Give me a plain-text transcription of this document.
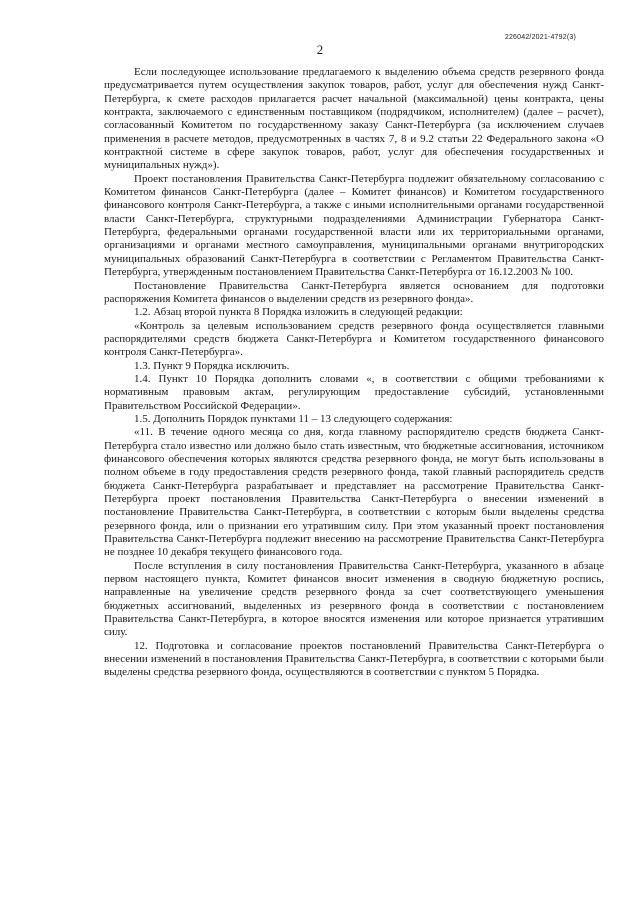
226042/2021-4792(3)
2

Если последующее использование предлагаемого к выделению объема средств резервного фонда предусматривается путем осуществления закупок товаров, работ, услуг для обеспечения нужд Санкт-Петербурга, к смете расходов прилагается расчет начальной (максимальной) цены контракта, цены контракта, заключаемого с единственным поставщиком (подрядчиком, исполнителем) (далее – расчет), согласованный Комитетом по государственному заказу Санкт-Петербурга (за исключением случаев применения в расчете методов, предусмотренных в частях 7, 8 и 9.2 статьи 22 Федерального закона «О контрактной системе в сфере закупок товаров, работ, услуг для обеспечения государственных и муниципальных нужд»).

Проект постановления Правительства Санкт-Петербурга подлежит обязательному согласованию с Комитетом финансов Санкт-Петербурга (далее – Комитет финансов) и Комитетом государственного финансового контроля Санкт-Петербурга, а также с иными исполнительными органами государственной власти Санкт-Петербурга, структурными подразделениями Администрации Губернатора Санкт-Петербурга, федеральными органами государственной власти или их территориальными органами, организациями и органами местного самоуправления, муниципальными органами внутригородских муниципальных образований Санкт-Петербурга в соответствии с Регламентом Правительства Санкт-Петербурга, утвержденным постановлением Правительства Санкт-Петербурга от 16.12.2003 № 100.

Постановление Правительства Санкт-Петербурга является основанием для подготовки распоряжения Комитета финансов о выделении средств из резервного фонда».

1.2. Абзац второй пункта 8 Порядка изложить в следующей редакции:

«Контроль за целевым использованием средств резервного фонда осуществляется главными распорядителями средств бюджета Санкт-Петербурга и Комитетом государственного финансового контроля Санкт-Петербурга».

1.3. Пункт 9 Порядка исключить.

1.4. Пункт 10 Порядка дополнить словами «, в соответствии с общими требованиями к нормативным правовым актам, регулирующим предоставление субсидий, установленными Правительством Российской Федерации».

1.5. Дополнить Порядок пунктами 11 – 13 следующего содержания:

«11. В течение одного месяца со дня, когда главному распорядителю средств бюджета Санкт-Петербурга стало известно или должно было стать известным, что бюджетные ассигнования, источником финансового обеспечения которых являются средства резервного фонда, не могут быть использованы в полном объеме в году предоставления средств резервного фонда, такой главный распорядитель средств бюджета Санкт-Петербурга разрабатывает и представляет на рассмотрение Правительства Санкт-Петербурга проект постановления Правительства Санкт-Петербурга о внесении изменений в постановление Правительства Санкт-Петербурга, в соответствии с которым были выделены средства резервного фонда, или о признании его утратившим силу. При этом указанный проект постановления Правительства Санкт-Петербурга подлежит внесению на рассмотрение Правительства Санкт-Петербурга не позднее 10 декабря текущего финансового года.

После вступления в силу постановления Правительства Санкт-Петербурга, указанного в абзаце первом настоящего пункта, Комитет финансов вносит изменения в сводную бюджетную роспись, направленные на увеличение средств резервного фонда за счет соответствующего уменьшения бюджетных ассигнований, выделенных из резервного фонда в соответствии с постановлением Правительства Санкт-Петербурга, в которое вносятся изменения или которое признается утратившим силу.

12. Подготовка и согласование проектов постановлений Правительства Санкт-Петербурга о внесении изменений в постановления Правительства Санкт-Петербурга, в соответствии с которыми были выделены средства резервного фонда, осуществляются в соответствии с пунктом 5 Порядка.
